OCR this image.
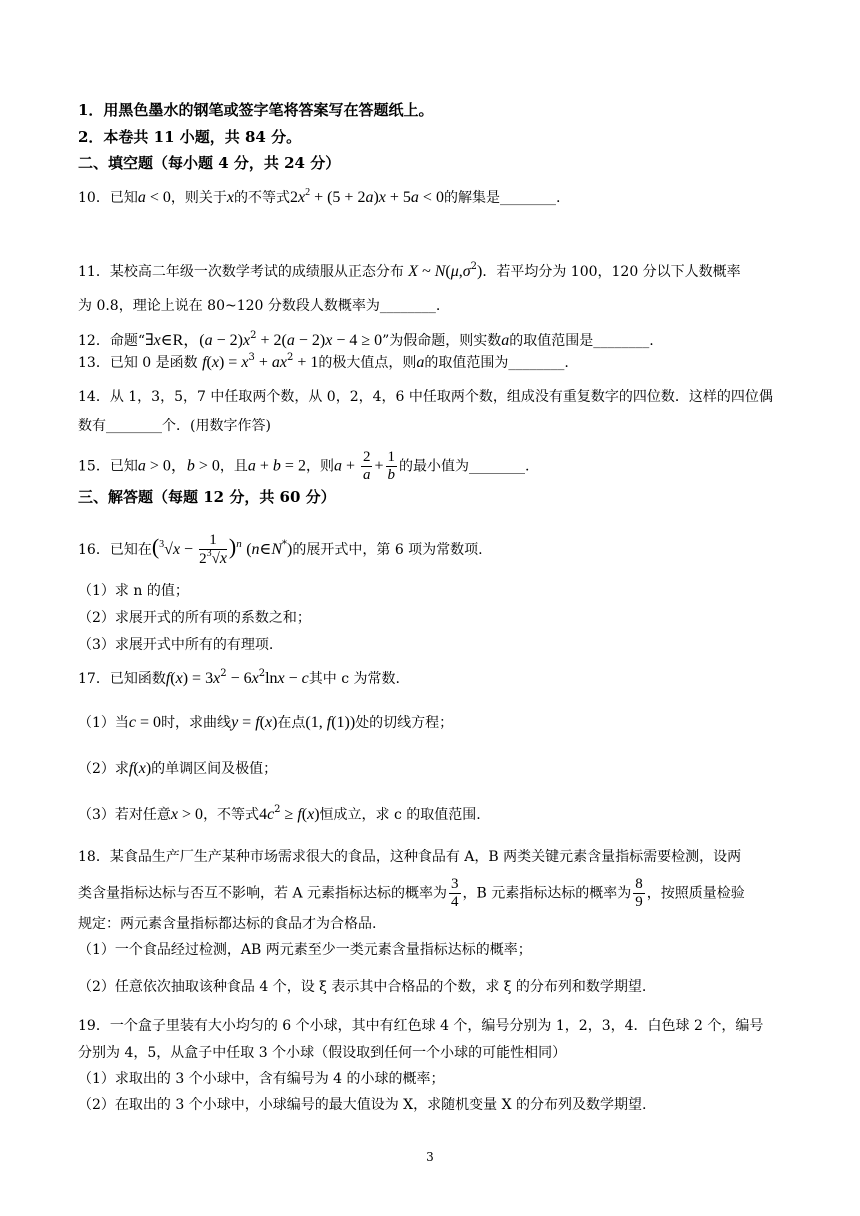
1．用黑色墨水的钢笔或签字笔将答案写在答题纸上。
2．本卷共 11 小题，共 84 分。
二、填空题（每小题 4 分，共 24 分）
10．已知a < 0，则关于x的不等式$2x^2 + (5 + 2a)x + 5a < 0$的解集是________.
11．某校高二年级一次数学考试的成绩服从正态分布 X ~ $N(\mu,\sigma^2)$．若平均分为 100，120 分以下人数概率
为 0.8，理论上说在 80~120 分数段人数概率为________.
12．命题“∃x∈R，$(a - 2)x^2 + 2(a - 2)x - 4 \ge 0$”为假命题，则实数a的取值范围是________.
13．已知 0 是函数 $f(x) = x^3 + ax^2 + 1$的极大值点，则a的取值范围为________.
14．从 1，3，5，7 中任取两个数，从 0，2，4，6 中任取两个数，组成没有重复数字的四位数．这样的四位偶
数有________个．(用数字作答)
15．已知a > 0，b > 0，且a + b = 2，则$a + \frac{2}{a} + \frac{1}{b}$ 的最小值为________.
三、解答题（每题 12 分，共 60 分）
16．已知在$(^3√x - \frac{1}{2^3√x} )^n$ (n∈N*)的展开式中，第 6 项为常数项.
（1）求 n 的值；
（2）求展开式的所有项的系数之和；
（3）求展开式中所有的有理项.
17．已知函数$f(x) = 3x^2 - 6x^2\ln x - c$其中 c 为常数.
（1）当c = 0时，求曲线y = f(x)在点(1, f(1))处的切线方程；
（2）求f(x)的单调区间及极值；
（3）若对任意x > 0，不等式$4c^2 \ge f(x)$恒成立，求 c 的取值范围.
18．某食品生产厂生产某种市场需求很大的食品，这种食品有 A，B 两类关键元素含量指标需要检测，设两
类含量指标达标与否互不影响，若 A 元素指标达标的概率为 $\frac{3}{4}$ ，B 元素指标达标的概率为 $\frac{8}{9}$ ，按照质量检验
规定：两元素含量指标都达标的食品才为合格品.
（1）一个食品经过检测，AB 两元素至少一类元素含量指标达标的概率；
（2）任意依次抽取该种食品 4 个，设 ξ 表示其中合格品的个数，求 ξ 的分布列和数学期望.
19．一个盒子里装有大小均匀的 6 个小球，其中有红色球 4 个，编号分别为 1，2，3，4．白色球 2 个，编号
分别为 4，5，从盒子中任取 3 个小球（假设取到任何一个小球的可能性相同）
（1）求取出的 3 个小球中，含有编号为 4 的小球的概率；
（2）在取出的 3 个小球中，小球编号的最大值设为 X，求随机变量 X 的分布列及数学期望.
3
